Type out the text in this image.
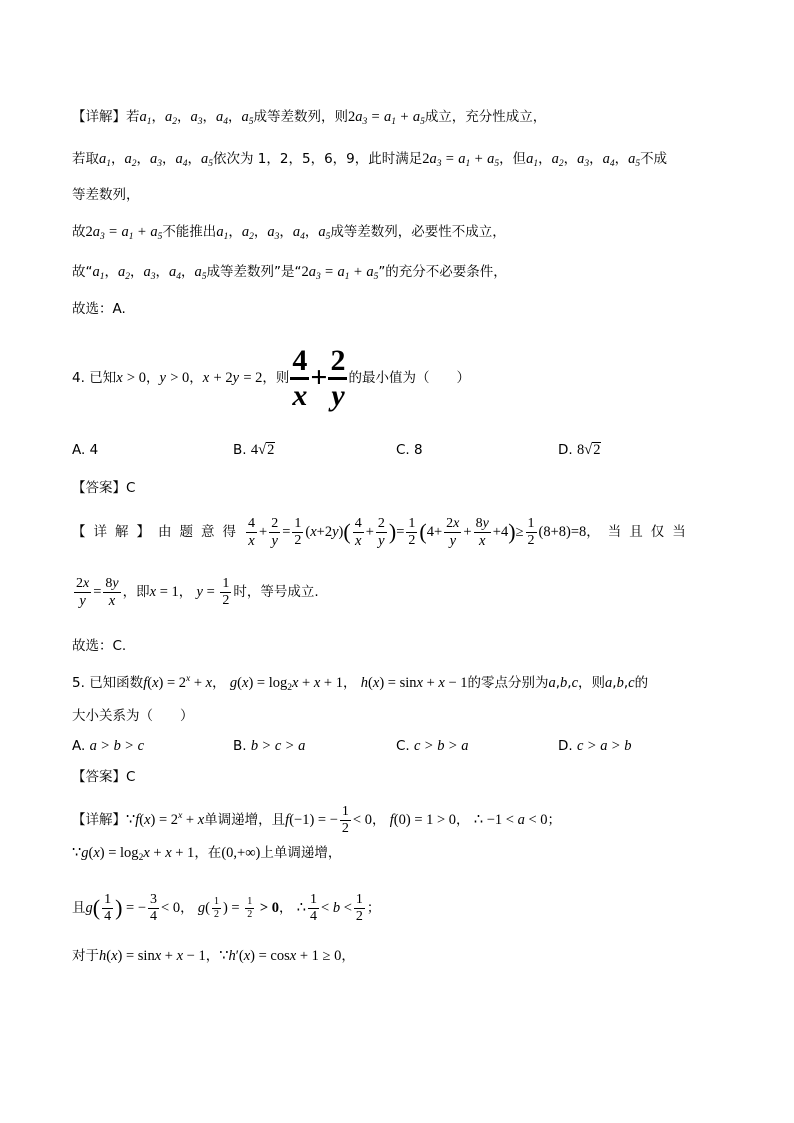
【详解】若$a_1$，$a_2$，$a_3$，$a_4$，$a_5$成等差数列，则$2a_3 = a_1 + a_5$成立，充分性成立，
若取$a_1$，$a_2$，$a_3$，$a_4$，$a_5$依次为 1，2，5，6，9，此时满足$2a_3 = a_1 + a_5$，但$a_1$，$a_2$，$a_3$，$a_4$，$a_5$不成
等差数列，
故$2a_3 = a_1 + a_5$不能推出$a_1$，$a_2$，$a_3$，$a_4$，$a_5$成等差数列，必要性不成立，
故“$a_1$，$a_2$，$a_3$，$a_4$，$a_5$成等差数列”是“$2a_3 = a_1 + a_5$”的充分不必要条件，
故选：A.
4. 已知x > 0，y > 0，x + 2y = 2，则 $\frac{4}{x} + \frac{2}{y}$ 的最小值为（　　）
A. 4	B. 4√2	C. 8	D. 8√2
【答案】C
【详解】由题意得 $\frac{4}{x} + \frac{2}{y} = \frac{1}{2} (x+2y)( \frac{4}{x} + \frac{2}{y}$ )= $\frac{1}{2} (4+ \frac{2x}{y} + \frac{8y}{x} +4)\ge \frac{1}{2} (8+8)=8$，当且仅当
$\frac{2x}{y} = \frac{8y}{x}$ ，即x = 1， $y = \frac{1}{2}$ 时，等号成立.
故选：C.
5. 已知函数$f(x) = 2^x + x$， $g(x) = \log_2x + x + 1$， h(x) = sinx + x − 1的零点分别为a,b,c，则a,b,c的
大小关系为（　　）
A. a > b > c	B. b > c > a	C. c > b > a	D. c > a > b
【答案】C
【详解】∵f(x) = $2^x + x$单调递增，且f(−1) = − $\frac{1}{2} < 0$， f(0) = 1 > 0， ∴ −1 < a < 0；
∵g(x) = $\log_2x + x + 1$，在(0,+∞)上单调递增，
且$g( \frac{1}{4}$ ) = − $\frac{3}{4} < 0$， $g( \frac{1}{2}$ ) = $\frac{1}{2} > 0$， ∴ $\frac{1}{4} < b < \frac{1}{2}$ ；
对于h(x) = sinx + x − 1，∵h′(x) = cosx + 1 ≥ 0，
